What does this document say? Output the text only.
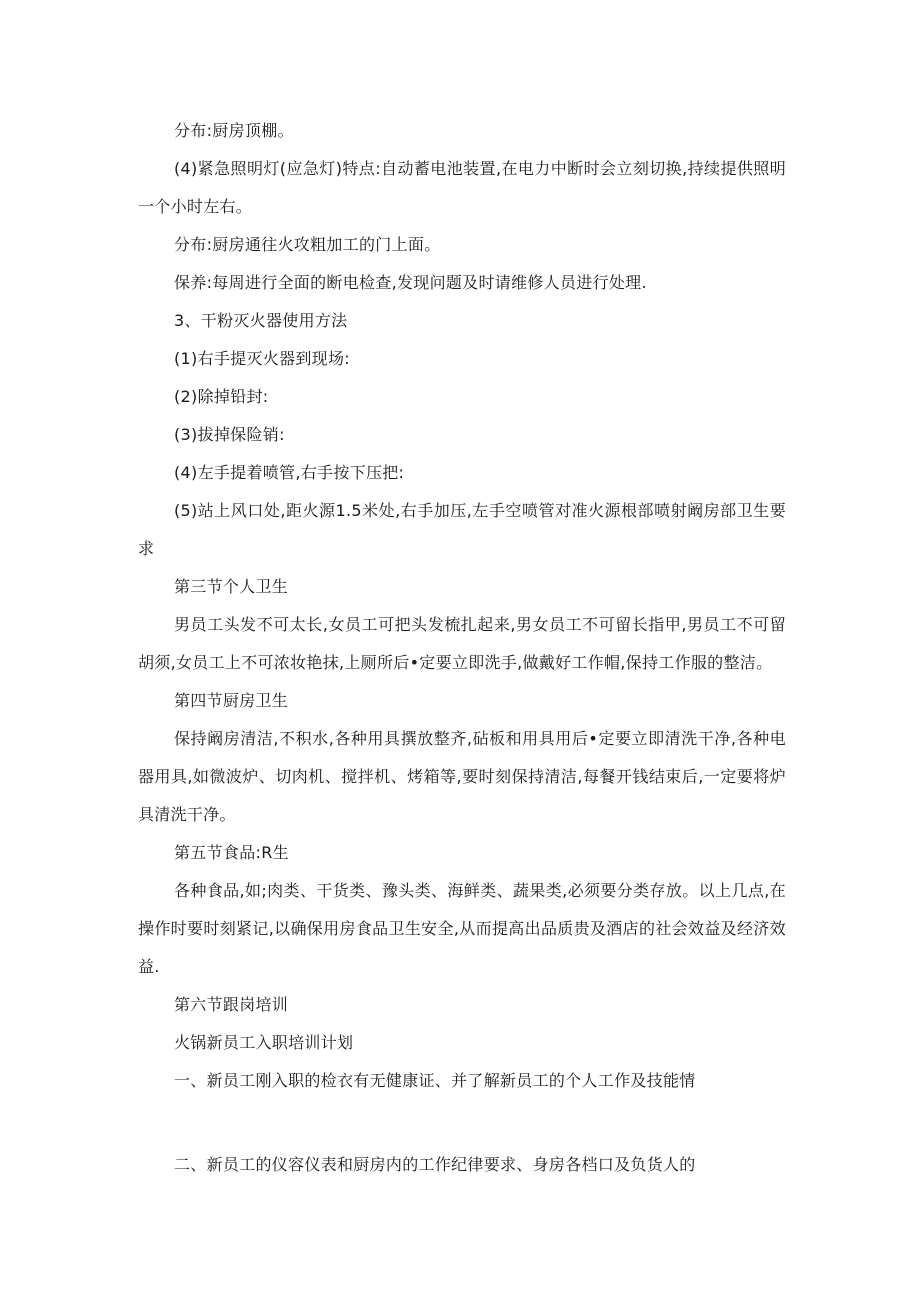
分布:厨房顶棚。

(4)紧急照明灯(应急灯)特点:自动蓄电池装置,在电力中断时会立刻切换,持续提供照明一个小时左右。

分布:厨房通往火攻粗加工的门上面。

保养:每周进行全面的断电检查,发现问题及时请维修人员进行处理.

3、干粉灭火器使用方法

(1)右手提灭火器到现场:

(2)除掉铅封:

(3)拔掉保险销:

(4)左手提着喷管,右手按下压把:

(5)站上风口处,距火源1.5米处,右手加压,左手空喷管对准火源根部喷射阚房部卫生要求

第三节个人卫生

男员工头发不可太长,女员工可把头发梳扎起来,男女员工不可留长指甲,男员工不可留胡须,女员工上不可浓妆艳抹,上厕所后•定要立即洗手,做戴好工作帽,保持工作服的整洁。

第四节厨房卫生

保持阚房清洁,不积水,各种用具撰放整齐,砧板和用具用后•定要立即清洗干净,各种电器用具,如微波炉、切肉机、搅拌机、烤箱等,要时刻保持清洁,每餐开钱结束后,一定要将炉具清洗干净。

第五节食品:R生

各种食品,如;肉类、干货类、豫头类、海鲜类、蔬果类,必须要分类存放。以上几点,在操作时要时刻紧记,以确保用房食品卫生安全,从而提高出品质贵及酒店的社会效益及经济效益.

第六节跟岗培训

火锅新员工入职培训计划

一、新员工刚入职的检衣有无健康证、并了解新员工的个人工作及技能情

二、新员工的仪容仪表和厨房内的工作纪律要求、身房各档口及负货人的
